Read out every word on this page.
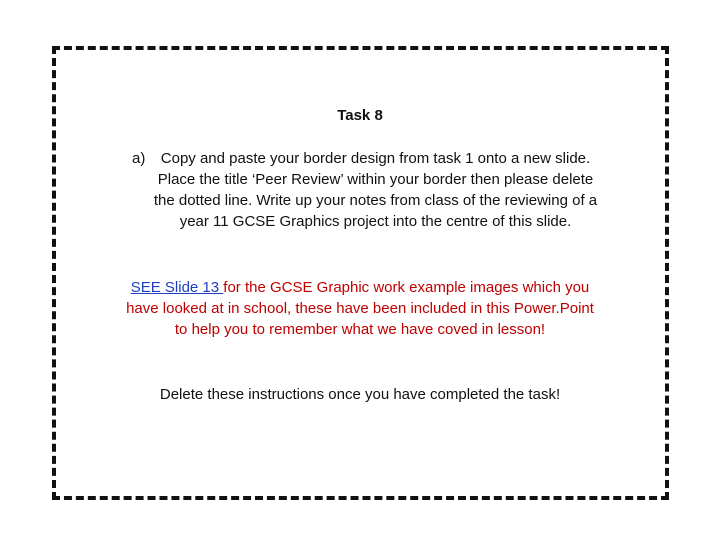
Task 8
a)	Copy and paste your border design from task 1 onto a new slide. Place the title ‘Peer Review’ within your border then please delete the dotted line. Write up your notes from class of the reviewing of a year 11 GCSE Graphics project into the centre of this slide.
SEE Slide 13 for the GCSE Graphic work example images which you have looked at in school, these have been included in this Power.Point to help you to remember what we have coved in lesson!
Delete these instructions once you have completed the task!
